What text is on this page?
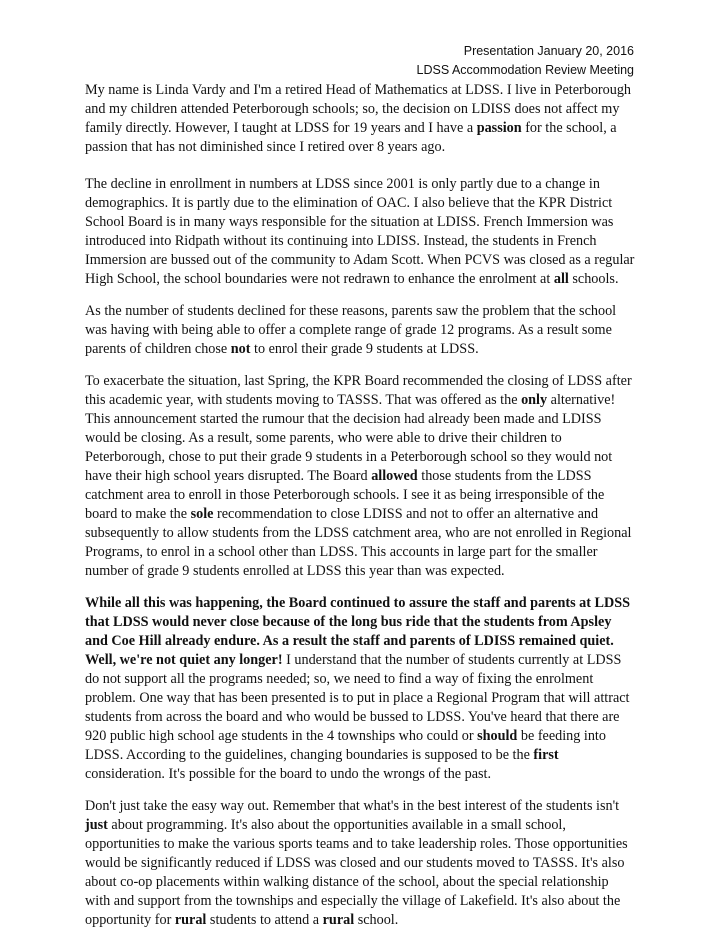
Presentation January 20, 2016
LDSS Accommodation Review Meeting

My name is Linda Vardy and I'm a retired Head of Mathematics at LDSS. I live in Peterborough and my children attended Peterborough schools; so, the decision on LDISS does not affect my family directly. However, I taught at LDSS for 19 years and I have a passion for the school, a passion that has not diminished since I retired over 8 years ago.

The decline in enrollment in numbers at LDSS since 2001 is only partly due to a change in demographics. It is partly due to the elimination of OAC. I also believe that the KPR District School Board is in many ways responsible for the situation at LDISS. French Immersion was introduced into Ridpath without its continuing into LDISS. Instead, the students in French Immersion are bussed out of the community to Adam Scott. When PCVS was closed as a regular High School, the school boundaries were not redrawn to enhance the enrolment at all schools.

As the number of students declined for these reasons, parents saw the problem that the school was having with being able to offer a complete range of grade 12 programs. As a result some parents of children chose not to enrol their grade 9 students at LDSS.

To exacerbate the situation, last Spring, the KPR Board recommended the closing of LDSS after this academic year, with students moving to TASSS. That was offered as the only alternative! This announcement started the rumour that the decision had already been made and LDISS would be closing. As a result, some parents, who were able to drive their children to Peterborough, chose to put their grade 9 students in a Peterborough school so they would not have their high school years disrupted. The Board allowed those students from the LDSS catchment area to enroll in those Peterborough schools. I see it as being irresponsible of the board to make the sole recommendation to close LDISS and not to offer an alternative and subsequently to allow students from the LDSS catchment area, who are not enrolled in Regional Programs, to enrol in a school other than LDSS. This accounts in large part for the smaller number of grade 9 students enrolled at LDSS this year than was expected.

While all this was happening, the Board continued to assure the staff and parents at LDSS that LDSS would never close because of the long bus ride that the students from Apsley and Coe Hill already endure. As a result the staff and parents of LDISS remained quiet. Well, we're not quiet any longer! I understand that the number of students currently at LDSS do not support all the programs needed; so, we need to find a way of fixing the enrolment problem. One way that has been presented is to put in place a Regional Program that will attract students from across the board and who would be bussed to LDSS. You've heard that there are 920 public high school age students in the 4 townships who could or should be feeding into LDSS. According to the guidelines, changing boundaries is supposed to be the first consideration. It's possible for the board to undo the wrongs of the past.

Don't just take the easy way out. Remember that what's in the best interest of the students isn't just about programming. It's also about the opportunities available in a small school, opportunities to make the various sports teams and to take leadership roles. Those opportunities would be significantly reduced if LDSS was closed and our students moved to TASSS. It's also about co-op placements within walking distance of the school, about the special relationship with and support from the townships and especially the village of Lakefield. It's also about the opportunity for rural students to attend a rural school.
